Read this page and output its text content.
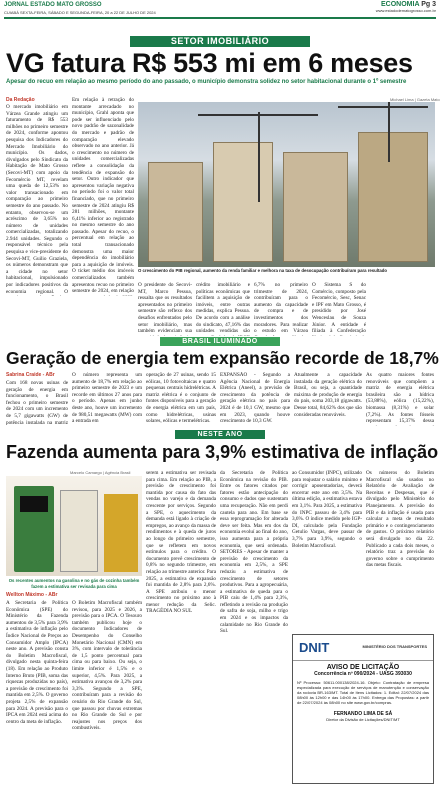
JORNAL ESTADO MATO GROSSO
CUIABÁ SEXTA-FEIRA, SÁBADO E SEGUNDA-FEIRA, 20 a 22 DE JULHO DE 2024
ECONOMIA Pg 3
www.estadodematogrosso.com.br
SETOR IMOBILIÁRIO
VG fatura R$ 553 mi em 6 meses
Apesar do recuo em relação ao mesmo período do ano passado, o município demonstra solidez no setor habitacional durante o 1º semestre
Da Redação
O mercado imobiliário em Várzea Grande atingiu um faturamento de R$ 553 milhões no primeiro semestre de 2024, conforme apontou pesquisa dos Indicadores do Mercado Imobiliário do município. Os dados, divulgados pelo Sindicato da Habitação de Mato Grosso (Secovi-MT) com apoio da Fecomércio MT, revelam uma queda de 12,53% no valor transacionado em comparação ao primeiro semestre do ano passado. No entanto, observou-se um acréscimo de 3,65% no número de unidades comercializadas, totalizando 2.944 unidades. Segundo o responsável técnico pela pesquisa e vice-presidente do Secovi-MT, Guilio Graziela, os números demonstram que a cidade no setor habitacional, impulsionado por indicadores positivos da economia regional. O
Em relação à retração do montante arrecadado no município, Grahl aponta que pode ser influenciado pelo novo padrão de sazonalidade do mercado e padrão de comparação elevado observado no ano anterior. Já o crescimento no número de unidades comercializadas reflete a consolidação da tendência de expansão do setor. Outro indicador que apresentou variação negativa no período foi o valor total financiado, que no primeiro semestre de 2024 atingiu R$ 281 milhões, montante 6,41% inferior ao registrado no mesmo semestre do ano passado. Apesar do recuo, o percentual em relação ao total transacionado demonstra uma maior dependência do imobiliário para a aquisição de imóveis. O ticket médio dos imóveis comercializados também apresentou recuo no primeiro semestre de 2024, em relação
Michael Lima | Gazeta Mato
O crescimento do PIB regional, aumento da renda familiar e melhora na taxa de desocupação contribuíram para resultado
O presidente do Secovi-MT, Marco Pessoa, ressalta que os resultados apresentados no primeiro semestre são reflexo dos desafios enfrentados pelo setor imobiliário, mas também evidenciam sua
crédito imobiliário e políticas econômicas que facilitem a aquisição de imóveis, entre outras medidas, explica Pessoa. De acordo com a análise do sindicato, 47,16% das unidades vendidas são
6,7% no primeiro trimestre de 2024, contribuíram para o aumento da capacidade de compra e de investimentos dos moradores. Para realizar o estudo em Várzea
O Sistema S do Comércio, composto pela Fecomércio, Sesc, Senac e IPF em Mato Grosso, é presidido por José Wenceslau de Souza Júnior. A entidade é filiada à Confederação
BRASIL ILUMINADO
Geração de energia tem expansão recorde de 18,7%
Sabrina Craide - ABr
Com 168 novas usinas de geração de energia em funcionamento, o Brasil fechou o primeiro semestre de 2024 com um incremento de 5,7 gigawatts (GW) de potência instalada na matriz
O número representa um aumento de 18,7% em relação ao primeiro semestre de 2023 e um recorde em últimos 27 anos para o período. Apenas em junho deste ano, houve um incremento de 980,51 megawatts (MW) com a entrada em
operação de 27 usinas, sendo 15 eólicas, 10 fotovoltaicas e quatro pequenas centrais hidrelétricas. A matriz elétrica é o conjunto de fontes disponíveis para a geração de energia elétrica em um país, como hidrelétricas, usinas solares, eólicas e termelétricas.
EXPANSÃO - Segundo a Agência Nacional de Energia Elétrica (Aneel), a previsão de crescimento da potência de geração elétrica no país para 2024 é de 10,1 GW, mesmo que em 2023, quando houve crescimento de 10,3 GW.
Atualmente a capacidade instalada da geração elétrica do Brasil, ou seja, a quantidade máxima de produção de energia do país, soma 203,18 gigawatts. Desse total, 84,62% dos que são consideradas renováveis.
As quatro maiores fontes renováveis que compõem a matriz de energia elétrica brasileira são a hídrica (53,88%), eólica (15,22%), biomassa (8,31%) e solar (7,2%). As fontes fósseis representam 15,37% dessa
NESTE ANO
Fazenda aumenta para 3,9% estimativa de inflação
Marcelo Camargo | Agência Brasil
Os recentes aumentos na gasolina e no gás de cozinha também fazem a estimativa ser revisada para cima
Wellton Máximo - ABr
A Secretaria de Política Econômica (SPE) do Ministério da Fazenda aumentou de 3,5% para 3,9% a estimativa de inflação pelo Índice Nacional de Preços ao Consumidor Amplo (IPCA) neste ano. A previsão consta do Boletim Macrofiscal, divulgado nesta quinta-feira (18). Em relação ao Produto Interno Bruto (PIB, soma das riquezas produzidas no país), a previsão de crescimento foi mantida em 2,5%. O governo projeta 2,5% de expansão para 2024. A previsão para o IPCA em 2024 está acima do centro da meta de inflação.
serem a estimativa ser revisada para cima. Em relação ao PIB, a previsão de crescimento foi mantida por causa do fato das vendas no varejo e da demanda crescente por serviços. Segundo a SPE, o aquecimento da demanda está ligado à criação de empregos, ao avanço da massa de rendimentos e à queda de juros ao longo do primeiro semestre, que se refletem em novos estímulos para o crédito. O documento prevê crescimento de 0,8% no segundo trimestre, em relação ao trimestre anterior. Para 2025, a estimativa de expansão foi mantida de 2,8% para 2,6%. A SPE atribuiu o menor crescimento no próximo ano à menor redução da Selic. TRAGÉDIA NO SUL
da Secretaria de Política Econômica na revisão do PIB. Entre os fatores citados por fatores estão antecipação do consumo e dados que sustentam uma recuperação. Não em perdi cautela para ano. Em base se essa reprogramação for alterada deve ser feita. Mas em dos da economia evoluí ao final do ano, isso aumenta para a própria economia, que será ordenada. SETORES - Apesar de manter a previsão de crescimento da economia em 2,5%, a SPE reduziu a estimativa de crescimento de setores produtivos. Para a agropecuária, a estimativa de queda para o PIB caiu de 1,4% para 2,3%, refletindo a revisão na produção de safra de soja, milho e trigo em 2024 e os impactos da calamidade no Rio Grande do Sul.
ao Consumidor (INPC), utilizado para reajustar o salário mínimo e corrigir aposentadorias, deverá encerrar este ano em 3,5%. Na última edição, a estimativa estava em 3,1%. Para 2025, a estimativa do INPC passou de 3,4% para 3,6%. O índice medido pelo IGP-DI, calculado pela Fundação Getulio Vargas, deve passar de 3,7% para 3,9%, segundo o Boletim Macrofiscal.
Os números do Boletim Macrofiscal são usados no Relatório de Avaliação de Receitas e Despesas, que é divulgado pelo Ministério do Planejamento. A previsão do PIB e da inflação é usada para calcular a meta de resultado primário e o contingenciamento de gastos. O próximo relatório será divulgado no dia 22. Publicado a cada dois meses, o relatório traz a previsão do governo sobre o cumprimento das metas fiscais.
O Boletim Macrofiscal também revisou, para 2025 e 2026, a previsão para o IPCA. O Tesouro também publicou hoje o documento Indicadores de Desempenho do Conselho Monetário Nacional (CMN) em 3%, com intervalo de tolerância de 1,5 ponto percentual para cima ou para baixo. Ou seja, o limite inferior é 1,5% e o superior, 4,5%. Para 2025, a estimativa avançou de 3,2% para 3,3%. Segundo a SPE, contribuíram para a revisão do cenário do Rio Grande do Sul, que passou por chuvas extremas no Rio Grande do Sul e por reajustes nos preços dos combustíveis.
DNIT	MINISTÉRIO DOS TRANSPORTES
AVISO DE LICITAÇÃO
Concorrência nº 090/2024 - UASG 393030
Nº Processo: 50611.000138/2024-16. Objeto: Contratação de empresa especializada para execução de serviços de manutenção e conservação da rodovia BR-163/MT. Total de Itens Licitados: 1. Edital: 22/07/2024 das 08h00 às 12h00 e das 14h00 às 17h00. Entrega das Propostas: a partir de 22/07/2024 às 08h00 no site www.gov.br/compras.
FERNANDO LIMA DE SÁ
Diretor da Divisão de Licitações/DNIT/MT
